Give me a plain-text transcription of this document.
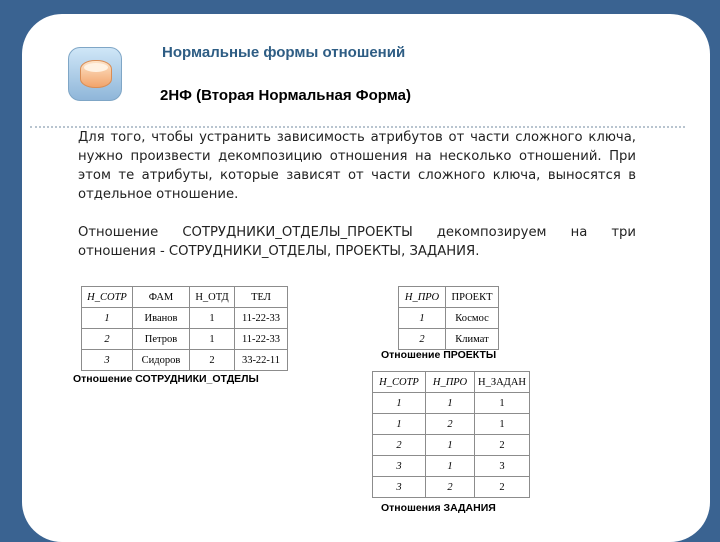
Нормальные формы отношений
2НФ (Вторая Нормальная Форма)
Для того, чтобы устранить зависимость атрибутов от части сложного ключа, нужно произвести декомпозицию отношения на несколько отношений. При этом те атрибуты, которые зависят от части сложного ключа, выносятся в отдельное отношение.
Отношение СОТРУДНИКИ_ОТДЕЛЫ_ПРОЕКТЫ декомпозируем на три отношения - СОТРУДНИКИ_ОТДЕЛЫ, ПРОЕКТЫ, ЗАДАНИЯ.
Н_СОТР	ФАМ	Н_ОТД	ТЕЛ
1	Иванов	1	11-22-33
2	Петров	1	11-22-33
3	Сидоров	2	33-22-11
Отношение СОТРУДНИКИ_ОТДЕЛЫ
Н_ПРО	ПРОЕКТ
1	Космос
2	Климат
Отношение ПРОЕКТЫ
Н_СОТР	Н_ПРО	Н_ЗАДАН
1	1	1
1	2	1
2	1	2
3	1	3
3	2	2
Отношения ЗАДАНИЯ
